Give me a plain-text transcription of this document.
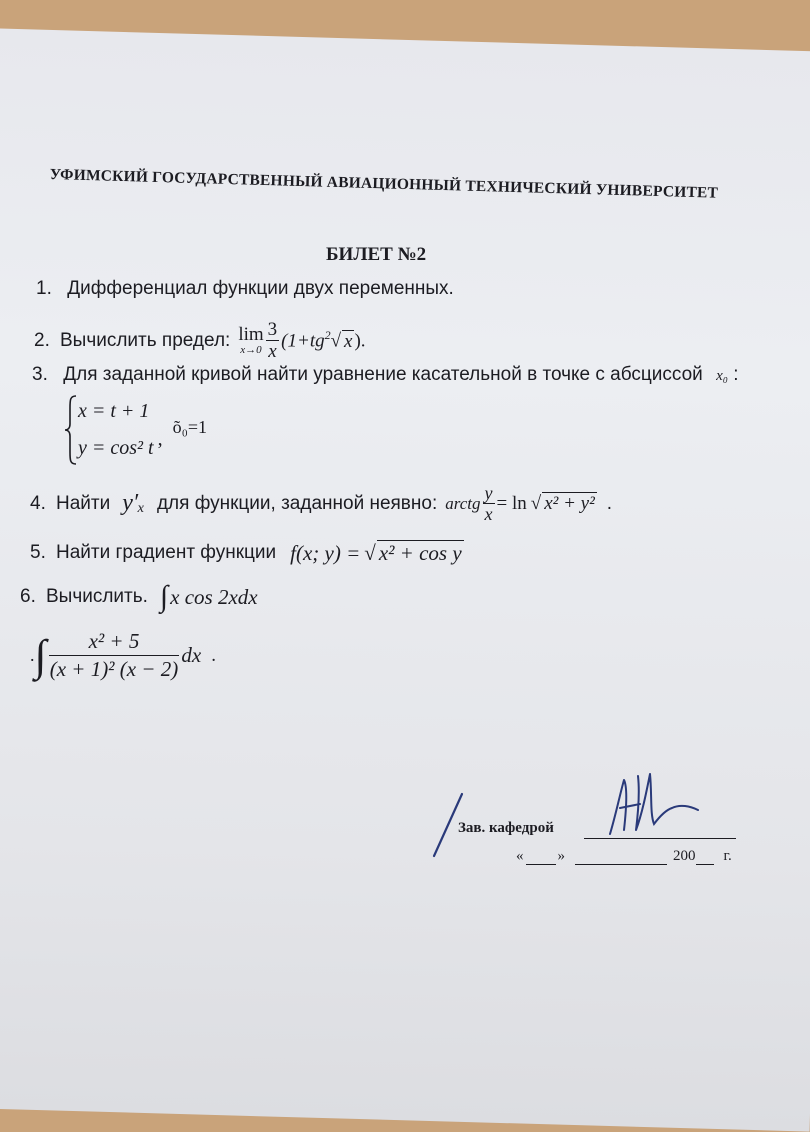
УФИМСКИЙ ГОСУДАРСТВЕННЫЙ АВИАЦИОННЫЙ ТЕХНИЧЕСКИЙ УНИВЕРСИТЕТ
БИЛЕТ №2
1. Дифференциал функции двух переменных.
2. Вычислить предел: lim
$x\to 0 \frac{3}{x} (1+tg^2√$ x ).
3. Для заданной кривой найти уравнение касательной в точке с абсциссой x₀ :
x = t + 1
y = cos² t ,
õ₀=1
4. Найти y′ₓ для функции, заданной неявно: arctg $\frac{y}{x} = \ln$ √ x² + y² .
5. Найти градиент функции f(x; y) = √ x² + cos y
6. Вычислить. ∫ x cos 2xdx
. ∫ $\frac{\text{x² + 5}}{\text{(x + 1)² (x − 2)}}$ dx .
Зав. кафедрой
« »	200 г.
